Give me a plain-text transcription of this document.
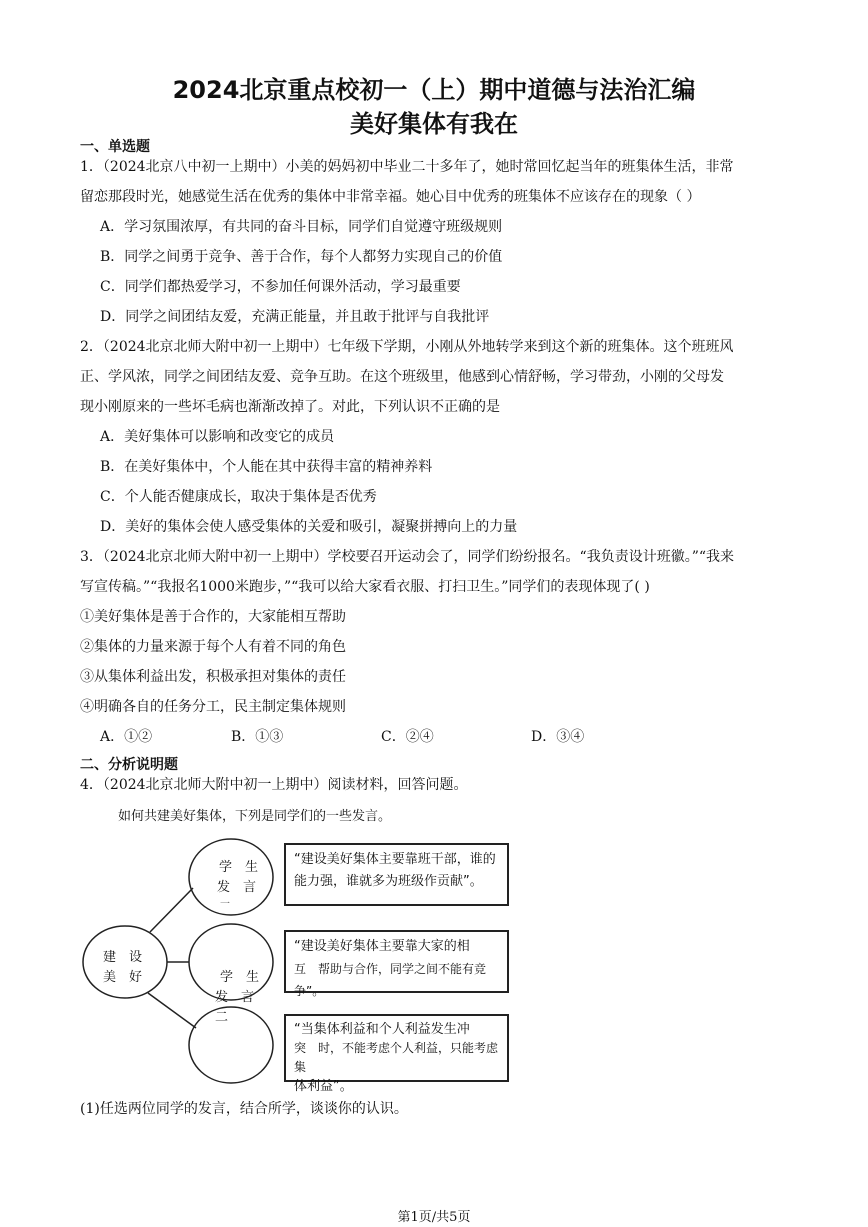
2024北京重点校初一（上）期中道德与法治汇编
美好集体有我在
一、单选题
1．（2024北京八中初一上期中）小美的妈妈初中毕业二十多年了，她时常回忆起当年的班集体生活，非常
留恋那段时光，她感觉生活在优秀的集体中非常幸福。她心目中优秀的班集体不应该存在的现象（ ）
A．学习氛围浓厚，有共同的奋斗目标，同学们自觉遵守班级规则
B．同学之间勇于竞争、善于合作，每个人都努力实现自己的价值
C．同学们都热爱学习，不参加任何课外活动，学习最重要
D．同学之间团结友爱，充满正能量，并且敢于批评与自我批评
2．（2024北京北师大附中初一上期中）七年级下学期，小刚从外地转学来到这个新的班集体。这个班班风
正、学风浓，同学之间团结友爱、竞争互助。在这个班级里，他感到心情舒畅，学习带劲，小刚的父母发
现小刚原来的一些坏毛病也渐渐改掉了。对此，下列认识不正确的是
A．美好集体可以影响和改变它的成员
B．在美好集体中，个人能在其中获得丰富的精神养料
C．个人能否健康成长，取决于集体是否优秀
D．美好的集体会使人感受集体的关爱和吸引，凝聚拼搏向上的力量
3．（2024北京北师大附中初一上期中）学校要召开运动会了，同学们纷纷报名。“我负责设计班徽。”“我来
写宣传稿。”“我报名1000米跑步，”“我可以给大家看衣服、打扫卫生。”同学们的表现体现了( )
①美好集体是善于合作的，大家能相互帮助
②集体的力量来源于每个人有着不同的角色
③从集体利益出发，积极承担对集体的责任
④明确各自的任务分工，民主制定集体规则
A．①②	B．①③	C．②④	D．③④
二、分析说明题
4．（2024北京北师大附中初一上期中）阅读材料，回答问题。
如何共建美好集体，下列是同学们的一些发言。
建　设
美　好
学　生
发　言
一
学　生
发　言
二
“建设美好集体主要靠班干部，谁的
能力强，谁就多为班级作贡献”。
“建设美好集体主要靠大家的相
互　帮助与合作，同学之间不能有竞争”。
“当集体利益和个人利益发生冲
突　时，不能考虑个人利益，只能考虑集
体利益”。
(1)任选两位同学的发言，结合所学，谈谈你的认识。
第1页/共5页
